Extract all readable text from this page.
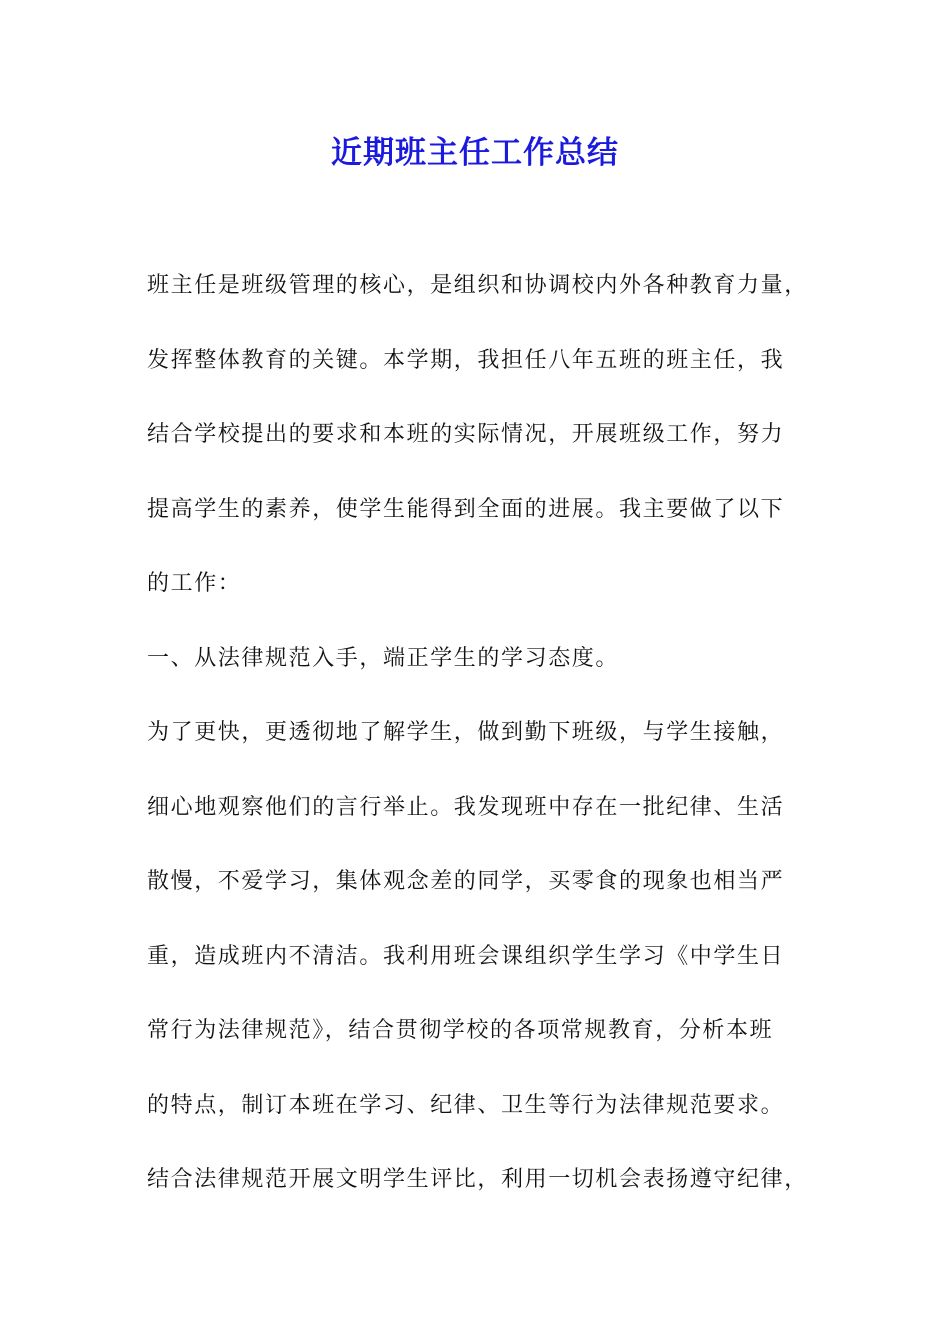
近期班主任工作总结
班主任是班级管理的核心，是组织和协调校内外各种教育力量，
发挥整体教育的关键。本学期，我担任八年五班的班主任，我
结合学校提出的要求和本班的实际情况，开展班级工作，努力
提高学生的素养，使学生能得到全面的进展。我主要做了以下
的工作：
一、从法律规范入手，端正学生的学习态度。
为了更快，更透彻地了解学生，做到勤下班级，与学生接触，
细心地观察他们的言行举止。我发现班中存在一批纪律、生活
散慢，不爱学习，集体观念差的同学，买零食的现象也相当严
重，造成班内不清洁。我利用班会课组织学生学习《中学生日
常行为法律规范》，结合贯彻学校的各项常规教育，分析本班
的特点，制订本班在学习、纪律、卫生等行为法律规范要求。
结合法律规范开展文明学生评比，利用一切机会表扬遵守纪律，
